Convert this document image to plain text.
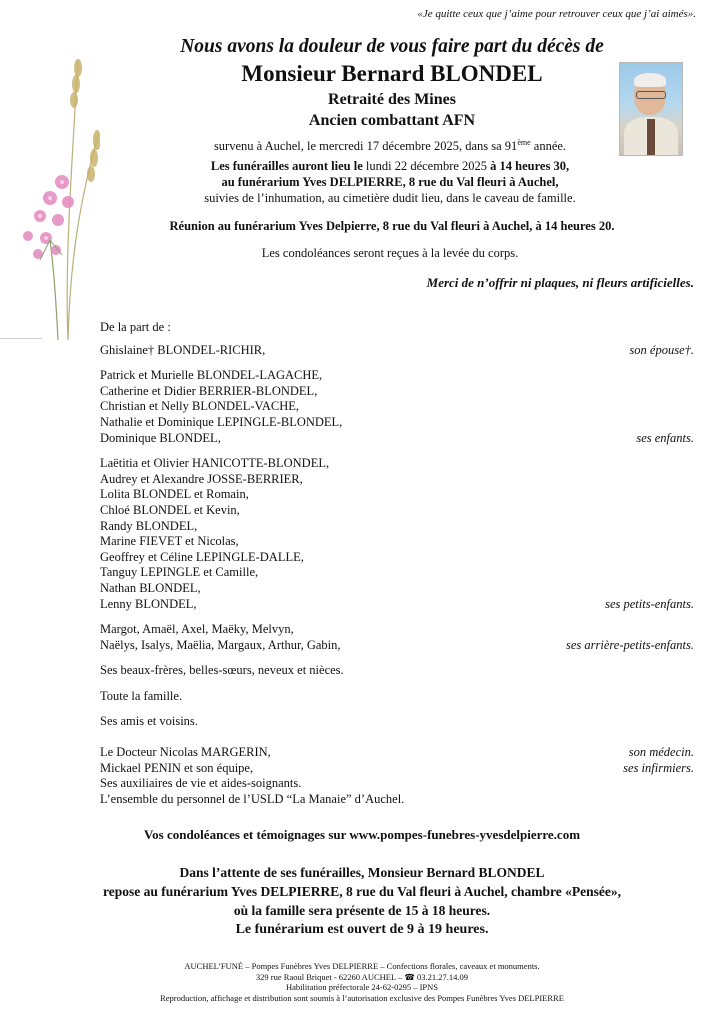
«Je quitte ceux que j’aime pour retrouver ceux que j’ai aimés».
Nous avons la douleur de vous faire part du décès de
Monsieur Bernard BLONDEL
Retraité des Mines
Ancien combattant AFN
survenu à Auchel, le mercredi 17 décembre 2025, dans sa 91ème année.
Les funérailles auront lieu le lundi 22 décembre 2025 à 14 heures 30,
au funérarium Yves DELPIERRE, 8 rue du Val fleuri à Auchel,
suivies de l’inhumation, au cimetière dudit lieu, dans le caveau de famille.
Réunion au funérarium Yves Delpierre, 8 rue du Val fleuri à Auchel, à 14 heures 20.
Les condoléances seront reçues à la levée du corps.
Merci de n’offrir ni plaques, ni fleurs artificielles.
De la part de :
Ghislaine† BLONDEL-RICHIR,	son épouse†.
Patrick et Murielle BLONDEL-LAGACHE,
Catherine et Didier BERRIER-BLONDEL,
Christian et Nelly BLONDEL-VACHE,
Nathalie et Dominique LEPINGLE-BLONDEL,
Dominique BLONDEL,	ses enfants.
Laëtitia et Olivier HANICOTTE-BLONDEL,
Audrey et Alexandre JOSSE-BERRIER,
Lolita BLONDEL et Romain,
Chloé BLONDEL et Kevin,
Randy BLONDEL,
Marine FIEVET et Nicolas,
Geoffrey et Céline LEPINGLE-DALLE,
Tanguy LEPINGLE et Camille,
Nathan BLONDEL,
Lenny BLONDEL,	ses petits-enfants.
Margot, Amaël, Axel, Maëky, Melvyn,
Naëlys, Isalys, Maëlia, Margaux, Arthur, Gabin,	ses arrière-petits-enfants.
Ses beaux-frères, belles-sœurs, neveux et nièces.
Toute la famille.
Ses amis et voisins.
Le Docteur Nicolas MARGERIN,	son médecin.
Mickael PENIN et son équipe,	ses infirmiers.
Ses auxiliaires de vie et aides-soignants.
L’ensemble du personnel de l’USLD “La Manaie” d’Auchel.
Vos condoléances et témoignages sur www.pompes-funebres-yvesdelpierre.com
Dans l’attente de ses funérailles, Monsieur Bernard BLONDEL
repose au funérarium Yves DELPIERRE, 8 rue du Val fleuri à Auchel, chambre «Pensée»,
où la famille sera présente de 15 à 18 heures.
Le funérarium est ouvert de 9 à 19 heures.
AUCHEL’FUNÉ – Pompes Funèbres Yves DELPIERRE – Confections florales, caveaux et monuments.
329 rue Raoul Briquet - 62260 AUCHEL – ☎ 03.21.27.14.09
Habilitation préfectorale 24-62-0295 – IPNS
Reproduction, affichage et distribution sont soumis à l’autorisation exclusive des Pompes Funèbres Yves DELPIERRE
